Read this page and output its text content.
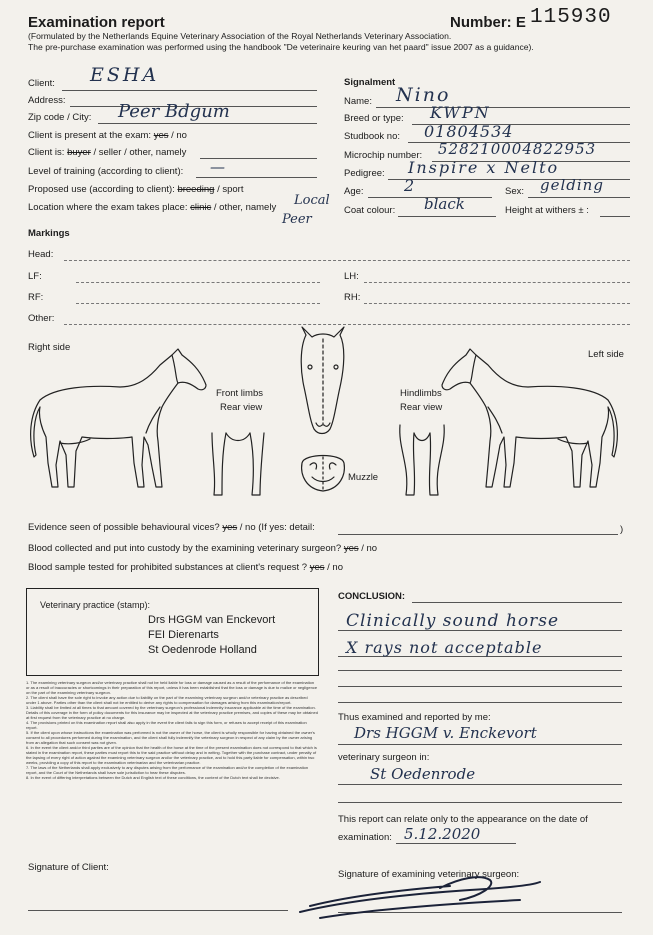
Examination report	Number: E 115930
(Formulated by the Netherlands Equine Veterinary Association of the Royal Netherlands Veterinary Association.
The pre-purchase examination was performed using the handbook "De veterinaire keuring van het paard" issue 2007 as a guidance).
Client: ESHA
Address:
Zip code / City: Peer Bdgum
Client is present at the exam: yes / no
Client is: buyer / seller / other, namely
Level of training (according to client): —
Proposed use (according to client): breeding / sport
Location where the exam takes place: clinic / other, namely Local
Peer
Signalment
Name: Nino
Breed or type: KWPN
Studbook no: 01804534
Microchip number: 528210004822953
Pedigree: Inspire x Nelto
Age:	2	Sex: gelding
Coat colour: black	Height at withers ± :
Markings
Head:
LF:	LH:
RF:	RH:
Other:
Right side
Left side
Front limbs
Rear view
Hindlimbs
Rear view
Muzzle
Evidence seen of possible behavioural vices? yes / no (If yes: detail:	)
Blood collected and put into custody by the examining veterinary surgeon? yes / no
Blood sample tested for prohibited substances at client's request ? yes / no
Veterinary practice (stamp):
Drs HGGM van Enckevort
FEI Dierenarts
St Oedenrode Holland
1. The examining veterinary surgeon and/or veterinary practice shall not be held liable for loss or damage caused as a result of the performance of the examination or as a result of inaccuracies or shortcomings in their preparation of this report, unless it has been established that the loss or damage is due to malice or negligence on the part of the examining veterinary surgeon.
2. The client shall have the sole right to invoke any action due to liability on the part of the examining veterinary surgeon and/or veterinary practice as described under 1 above. Parties other than the client shall not be entitled to derive any rights to compensation for damages arising from this examination/report.
3. Liability shall be limited at all times to that amount covered by the veterinary surgeon's professional indemnity insurance applicable at the time of the examination. Details of this coverage in the form of policy documents for this insurance may be inspected at the veterinary practice premises, and copies of these may be obtained at first request from the veterinary practice at no charge.
4. The provisions printed on this examination report shall also apply in the event the client fails to sign this form, or refuses to accept receipt of this examination report.
5. If the client upon whose instructions the examination was performed is not the owner of the horse, the client is wholly responsible for having obtained the owner's consent to all procedures performed during the examination, and the client shall fully indemnify the veterinary surgeon in respect of any claim by the owner arising from an allegation that such consent was not given.
6. In the event the client and/or third parties are of the opinion that the health of the horse at the time of the present examination does not correspond to that which is stated in the examination report, these parties must report this to the said practice without delay and in writing. Together with the purchase contract, under penalty of the lapsing of every right of action against the examining veterinary surgeon and/or the veterinary practice, and to hold this party liable for compensation, within two weeks, providing a copy of this report to the examination veterinarian and the veterinarian practice.
7. The laws of the Netherlands shall apply exclusively to any disputes arising from the performance of the examination and/or the completion of the examination report, and the Court of the Netherlands shall have sole jurisdiction to hear these disputes.
8. In the event of differing interpretations between the Dutch and English text of these conditions, the content of the Dutch text shall be decisive.
CONCLUSION:
Clinically sound horse
X rays not acceptable
Thus examined and reported by me:
Drs HGGM v. Enckevort
veterinary surgeon in:
St Oedenrode
This report can relate only to the appearance on the date of
examination: 5.12.2020
Signature of Client:
Signature of examining veterinary surgeon:
